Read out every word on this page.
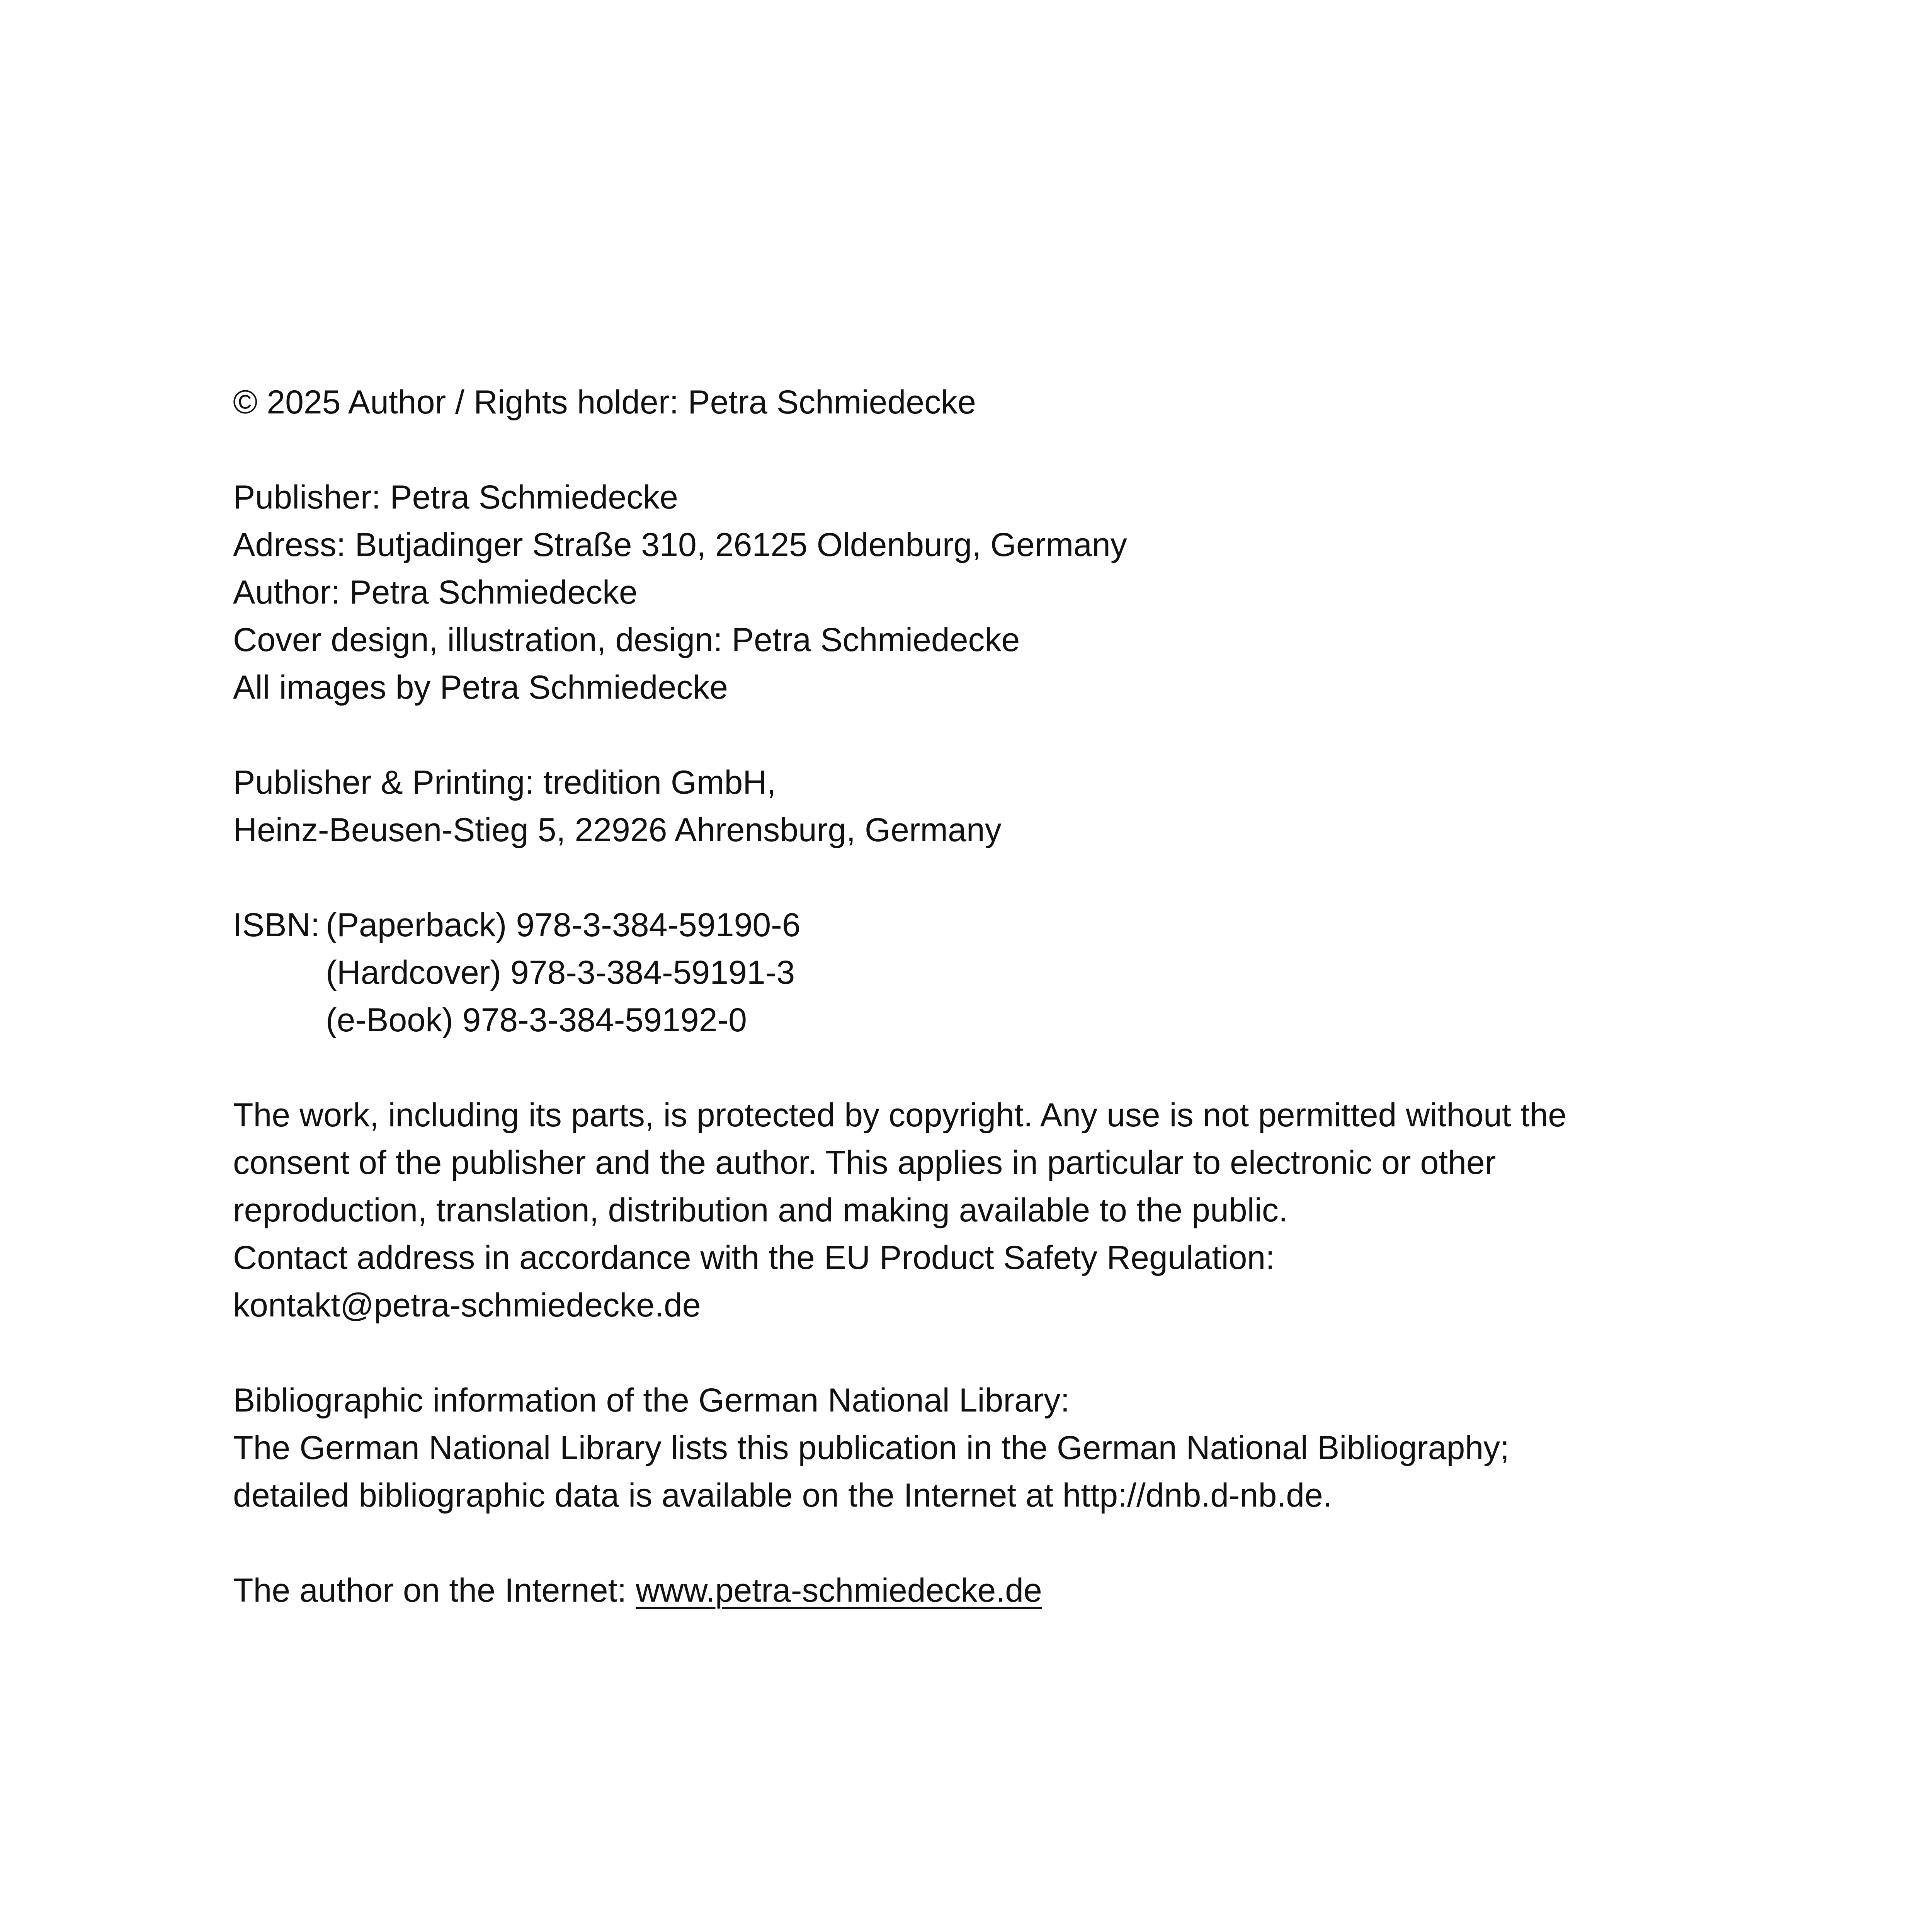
© 2025 Author / Rights holder: Petra Schmiedecke
Publisher: Petra Schmiedecke
Adress: Butjadinger Straße 310, 26125 Oldenburg, Germany
Author: Petra Schmiedecke
Cover design, illustration, design: Petra Schmiedecke
All images by Petra Schmiedecke
Publisher & Printing: tredition GmbH,
Heinz-Beusen-Stieg 5, 22926 Ahrensburg, Germany
ISBN: (Paperback) 978-3-384-59190-6
(Hardcover) 978-3-384-59191-3
(e-Book) 978-3-384-59192-0
The work, including its parts, is protected by copyright. Any use is not permitted without the
consent of the publisher and the author. This applies in particular to electronic or other
reproduction, translation, distribution and making available to the public.
Contact address in accordance with the EU Product Safety Regulation:
kontakt@petra-schmiedecke.de
Bibliographic information of the German National Library:
The German National Library lists this publication in the German National Bibliography;
detailed bibliographic data is available on the Internet at http://dnb.d-nb.de.
The author on the Internet: www.petra-schmiedecke.de
